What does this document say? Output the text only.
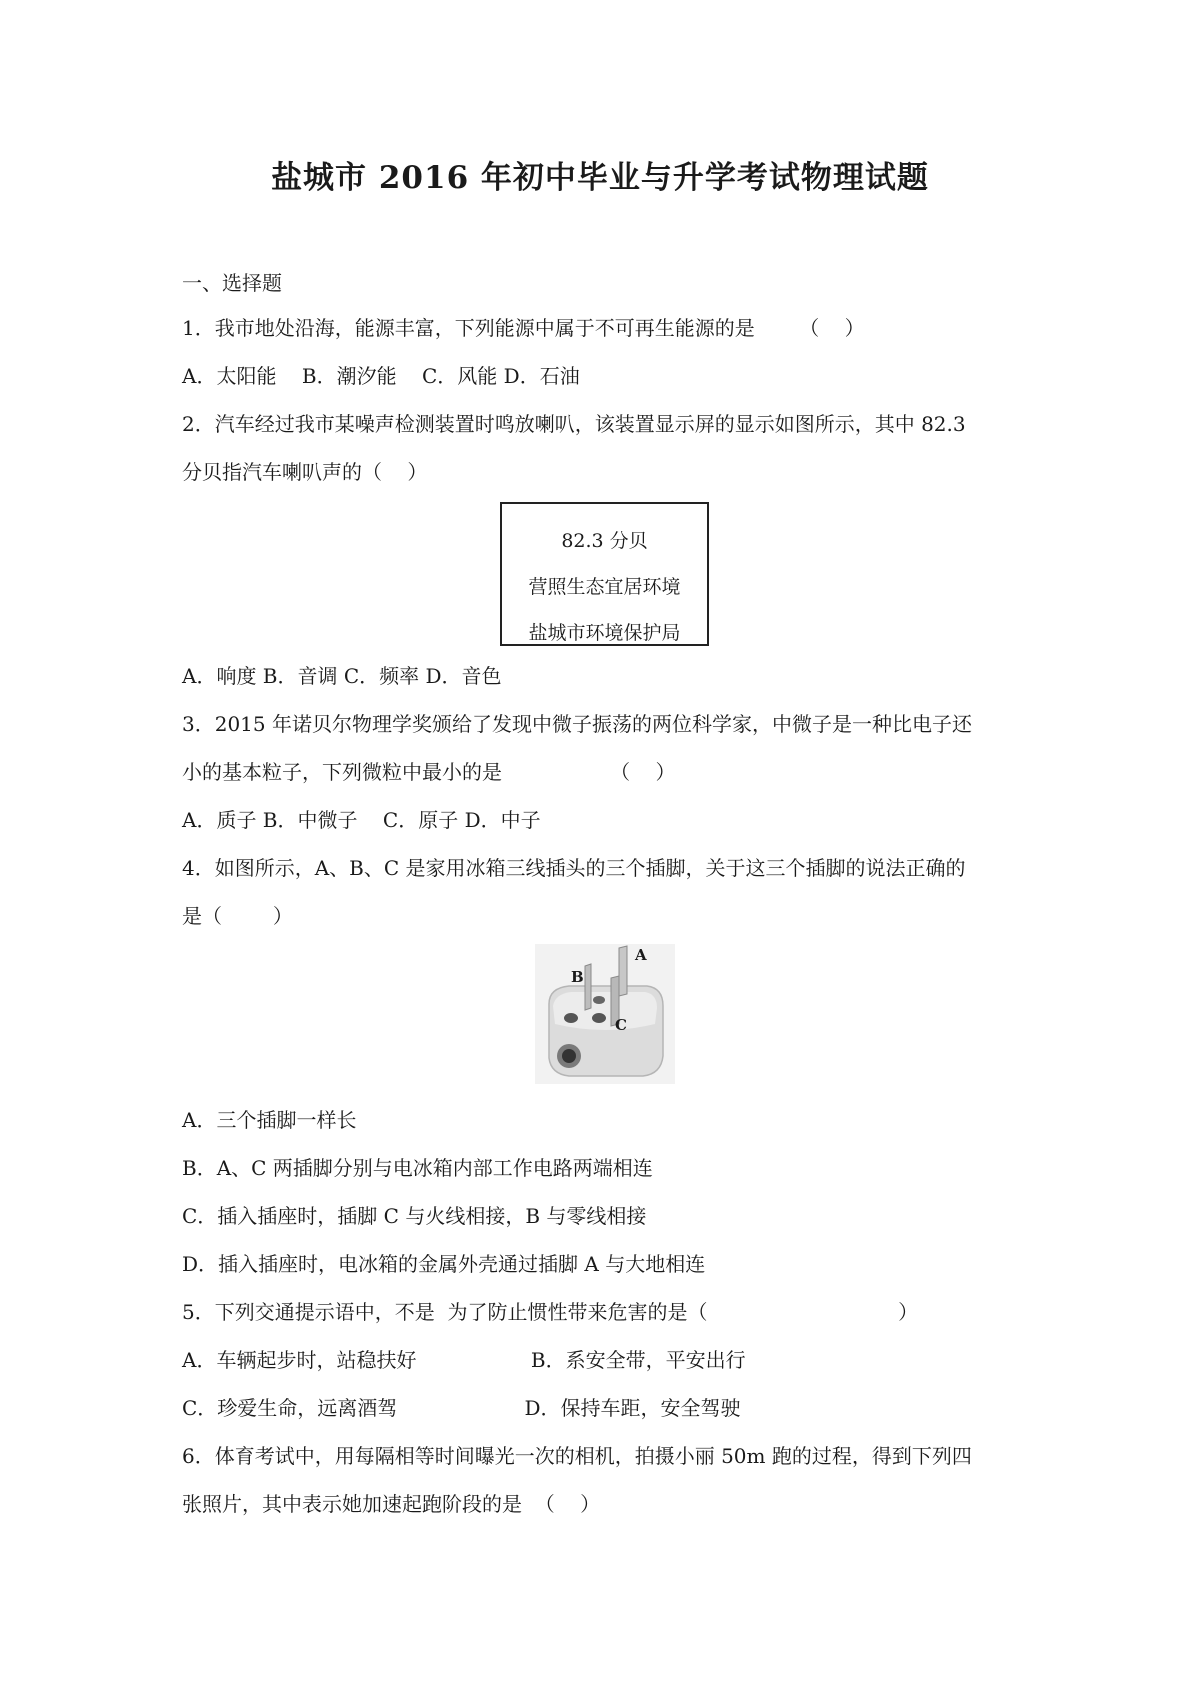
盐城市 2016 年初中毕业与升学考试物理试题
一、选择题
1．我市地处沿海，能源丰富，下列能源中属于不可再生能源的是       （    ）
A．太阳能    B．潮汐能    C．风能 D．石油
2．汽车经过我市某噪声检测装置时鸣放喇叭，该装置显示屏的显示如图所示，其中 82.3
分贝指汽车喇叭声的（    ）
82.3 分贝
营照生态宜居环境
盐城市环境保护局
A．响度 B．音调 C．频率 D．音色
3．2015 年诺贝尔物理学奖颁给了发现中微子振荡的两位科学家，中微子是一种比电子还
小的基本粒子，下列微粒中最小的是                 （    ）
A．质子 B．中微子    C．原子 D．中子
4．如图所示，A、B、C 是家用冰箱三线插头的三个插脚，关于这三个插脚的说法正确的
是（        ）
A
B
C
A．三个插脚一样长
B．A、C 两插脚分别与电冰箱内部工作电路两端相连
C．插入插座时，插脚 C 与火线相接，B 与零线相接
D．插入插座时，电冰箱的金属外壳通过插脚 A 与大地相连
5．下列交通提示语中，不是  为了防止惯性带来危害的是（                              ）
A．车辆起步时，站稳扶好                  B．系安全带，平安出行
C．珍爱生命，远离酒驾                    D．保持车距，安全驾驶
6．体育考试中，用每隔相等时间曝光一次的相机，拍摄小丽 50m 跑的过程，得到下列四
张照片，其中表示她加速起跑阶段的是  （    ）
